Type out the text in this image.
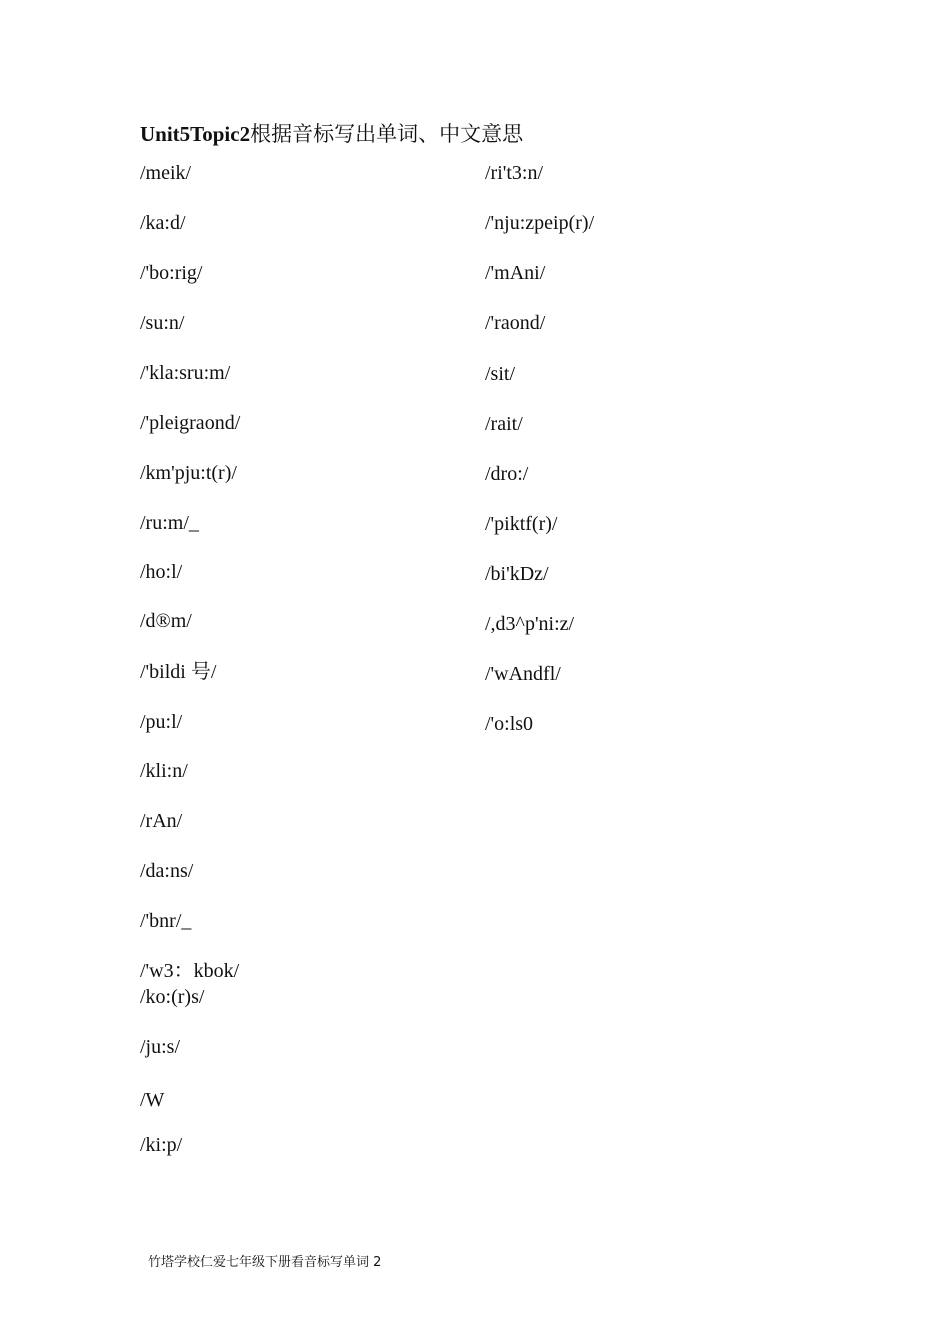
Unit5Topic2根据音标写出单词、中文意思
/meik/
/ka:d/
/'bo:rig/
/su:n/
/'kla:sru:m/
/'pleigraond/
/km'pju:t(r)/
/ru:m/_
/ho:l/
/d®m/
/'bildi 号/
/pu:l/
/kli:n/
/rAn/
/da:ns/
/'bnr/_
/'w3：kbok/
/ko:(r)s/
/ju:s/
/W
/ki:p/
/ri't3:n/
/'nju:zpeip(r)/
/'mAni/
/'raond/
/sit/
/rait/
/dro:/
/'piktf(r)/
/bi'kDz/
/,d3^p'ni:z/
/'wAndfl/
/'o:ls0
竹塔学校仁爱七年级下册看音标写单词 2
